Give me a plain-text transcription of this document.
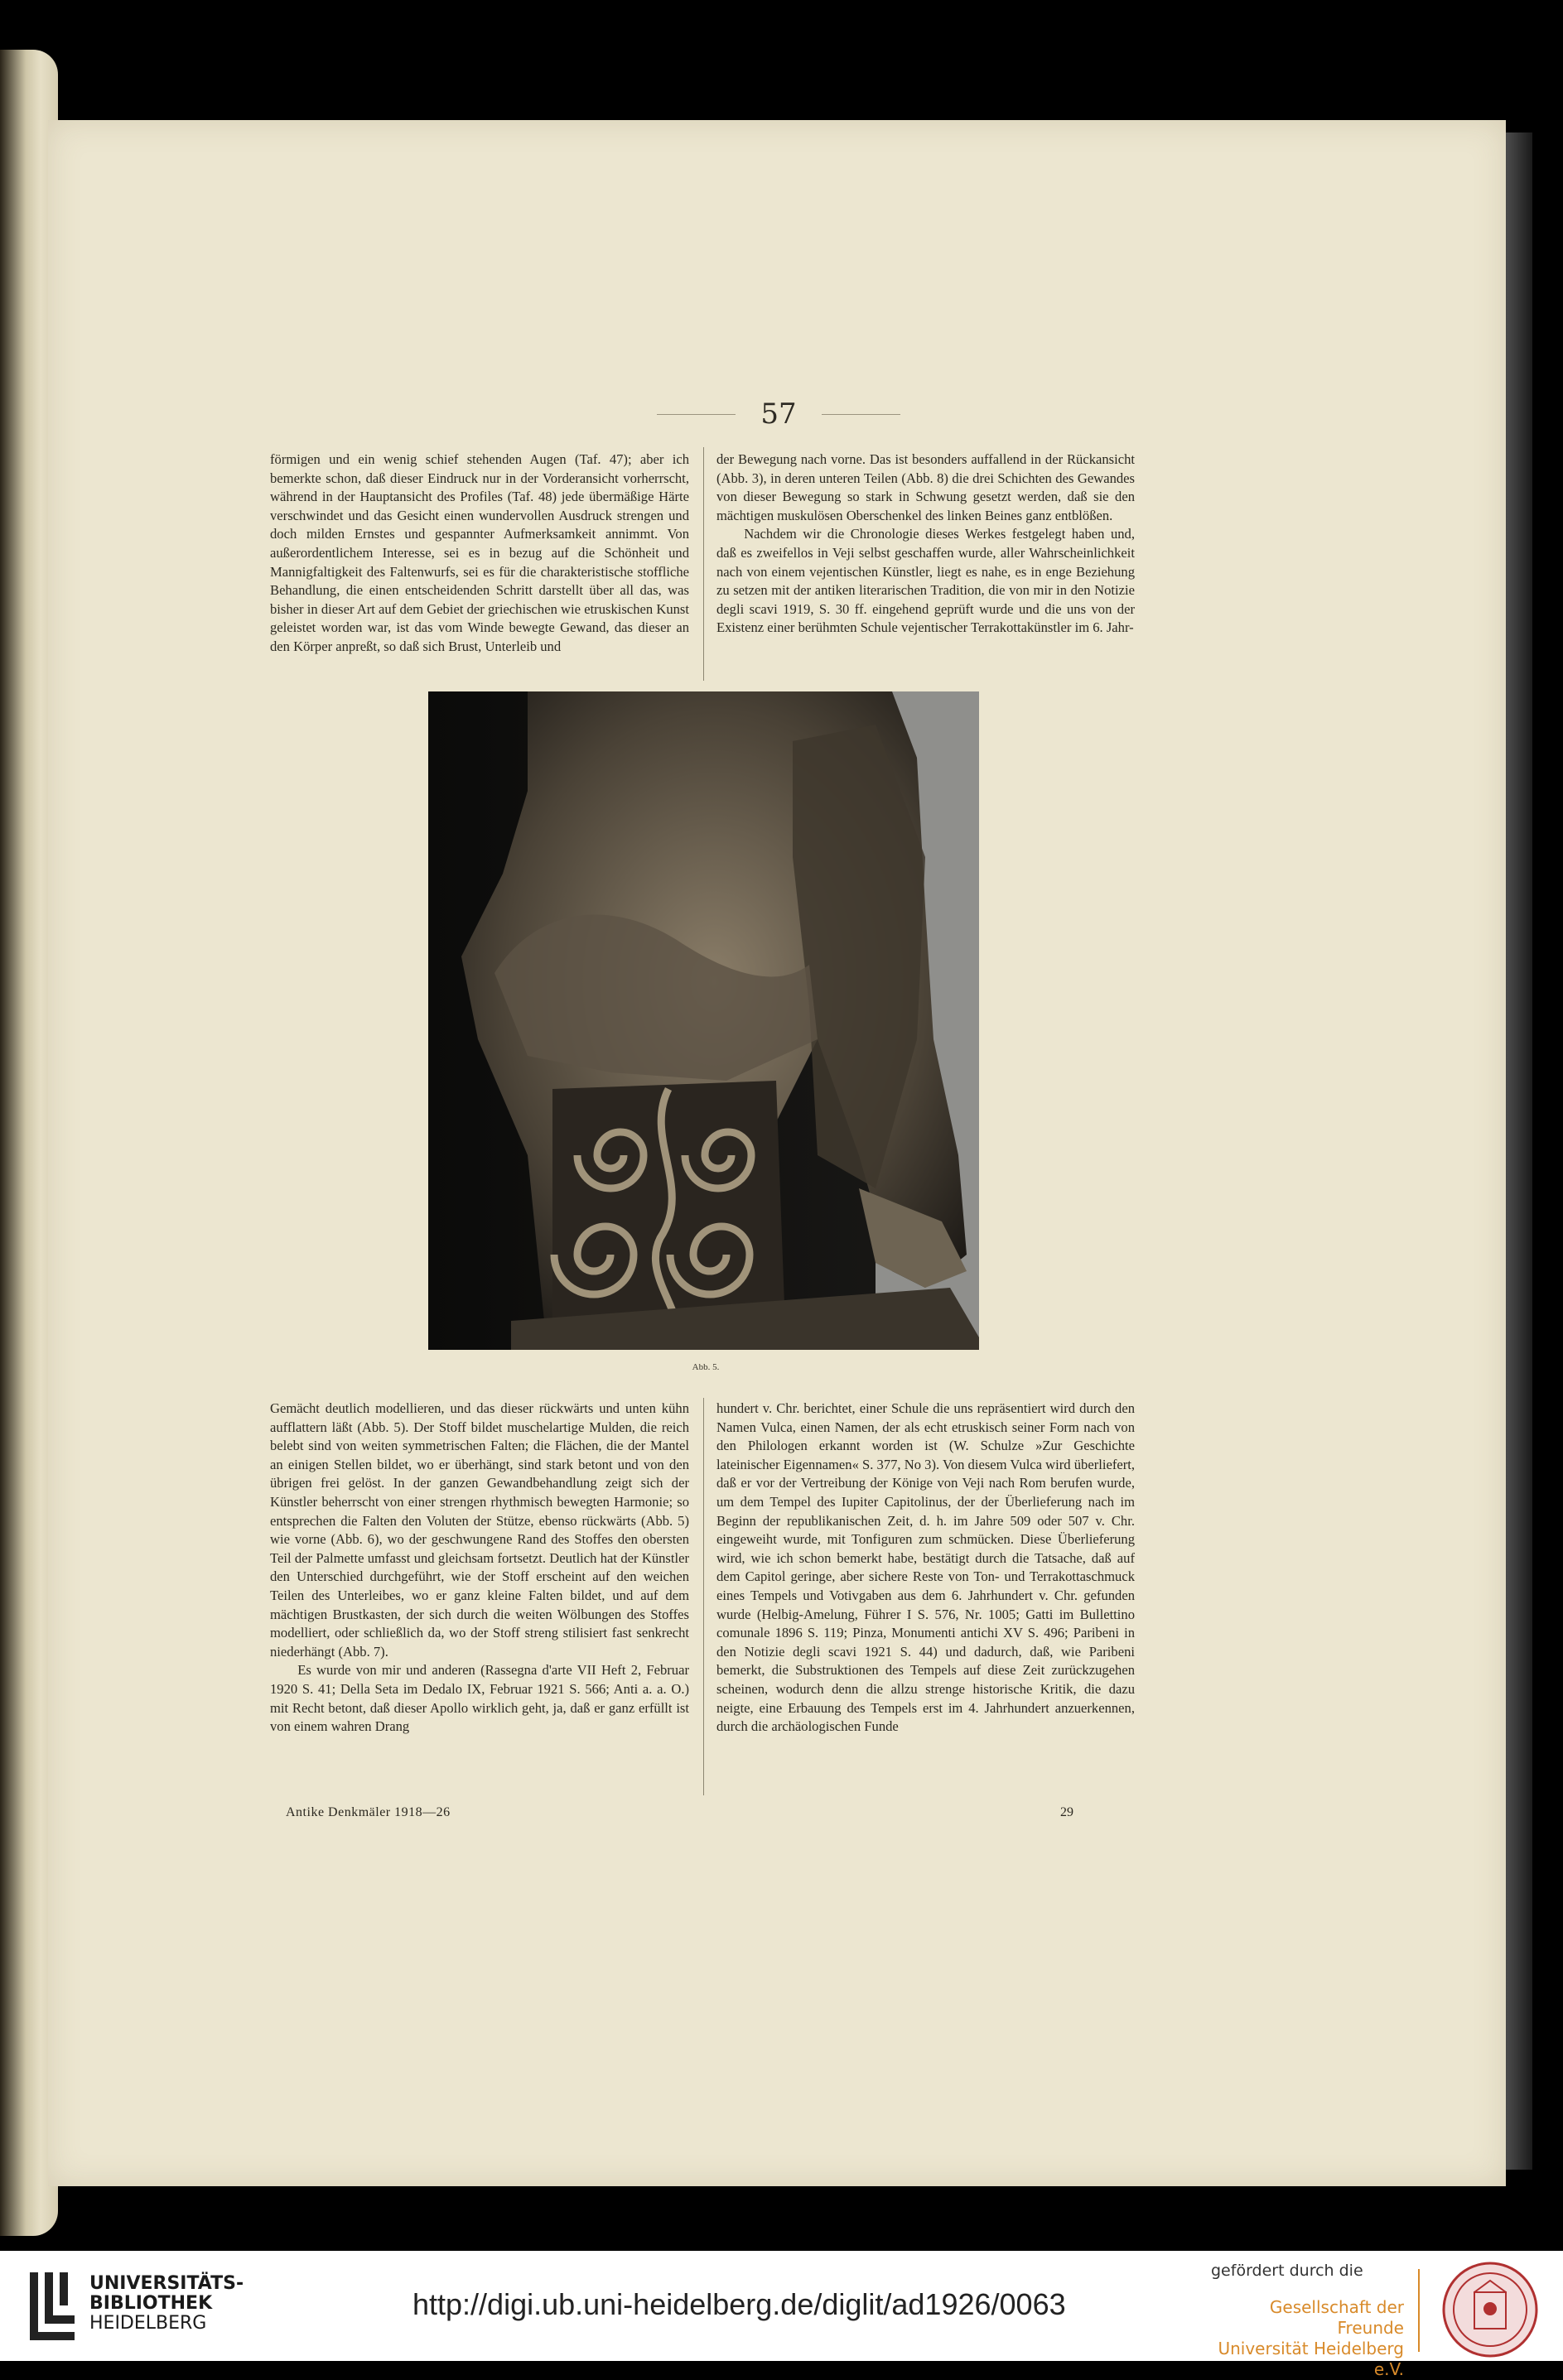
57

förmigen und ein wenig schief stehenden Augen (Taf. 47); aber ich bemerkte schon, daß dieser Eindruck nur in der Vorderansicht vorherrscht, während in der Hauptansicht des Profiles (Taf. 48) jede übermäßige Härte verschwindet und das Gesicht einen wundervollen Ausdruck strengen und doch milden Ernstes und gespannter Aufmerksamkeit annimmt. Von außerordentlichem Interesse, sei es in bezug auf die Schönheit und Mannigfaltigkeit des Faltenwurfs, sei es für die charakteristische stoffliche Behandlung, die einen entscheidenden Schritt darstellt über all das, was bisher in dieser Art auf dem Gebiet der griechischen wie etruskischen Kunst geleistet worden war, ist das vom Winde bewegte Gewand, das dieser an den Körper anpreßt, so daß sich Brust, Unterleib und

der Bewegung nach vorne. Das ist besonders auffallend in der Rückansicht (Abb. 3), in deren unteren Teilen (Abb. 8) die drei Schichten des Gewandes von dieser Bewegung so stark in Schwung gesetzt werden, daß sie den mächtigen muskulösen Oberschenkel des linken Beines ganz entblößen.

Nachdem wir die Chronologie dieses Werkes festgelegt haben und, daß es zweifellos in Veji selbst geschaffen wurde, aller Wahrscheinlichkeit nach von einem vejentischen Künstler, liegt es nahe, es in enge Beziehung zu setzen mit der antiken literarischen Tradition, die von mir in den Notizie degli scavi 1919, S. 30 ff. eingehend geprüft wurde und die uns von der Existenz einer berühmten Schule vejentischer Terrakottakünstler im 6. Jahr-

Abb. 5.

Gemächt deutlich modellieren, und das dieser rückwärts und unten kühn aufflattern läßt (Abb. 5). Der Stoff bildet muschelartige Mulden, die reich belebt sind von weiten symmetrischen Falten; die Flächen, die der Mantel an einigen Stellen bildet, wo er überhängt, sind stark betont und von den übrigen frei gelöst. In der ganzen Gewandbehandlung zeigt sich der Künstler beherrscht von einer strengen rhythmisch bewegten Harmonie; so entsprechen die Falten den Voluten der Stütze, ebenso rückwärts (Abb. 5) wie vorne (Abb. 6), wo der geschwungene Rand des Stoffes den obersten Teil der Palmette umfasst und gleichsam fortsetzt. Deutlich hat der Künstler den Unterschied durchgeführt, wie der Stoff erscheint auf den weichen Teilen des Unterleibes, wo er ganz kleine Falten bildet, und auf dem mächtigen Brustkasten, der sich durch die weiten Wölbungen des Stoffes modelliert, oder schließlich da, wo der Stoff streng stilisiert fast senkrecht niederhängt (Abb. 7).

Es wurde von mir und anderen (Rassegna d'arte VII Heft 2, Februar 1920 S. 41; Della Seta im Dedalo IX, Februar 1921 S. 566; Anti a. a. O.) mit Recht betont, daß dieser Apollo wirklich geht, ja, daß er ganz erfüllt ist von einem wahren Drang

hundert v. Chr. berichtet, einer Schule die uns repräsentiert wird durch den Namen Vulca, einen Namen, der als echt etruskisch seiner Form nach von den Philologen erkannt worden ist (W. Schulze »Zur Geschichte lateinischer Eigennamen« S. 377, No 3). Von diesem Vulca wird überliefert, daß er vor der Vertreibung der Könige von Veji nach Rom berufen wurde, um dem Tempel des Iupiter Capitolinus, der der Überlieferung nach im Beginn der republikanischen Zeit, d. h. im Jahre 509 oder 507 v. Chr. eingeweiht wurde, mit Tonfiguren zum schmücken. Diese Überlieferung wird, wie ich schon bemerkt habe, bestätigt durch die Tatsache, daß auf dem Capitol geringe, aber sichere Reste von Ton- und Terrakottaschmuck eines Tempels und Votivgaben aus dem 6. Jahrhundert v. Chr. gefunden wurde (Helbig-Amelung, Führer I S. 576, Nr. 1005; Gatti im Bullettino comunale 1896 S. 119; Pinza, Monumenti antichi XV S. 496; Paribeni in den Notizie degli scavi 1921 S. 44) und dadurch, daß, wie Paribeni bemerkt, die Substruktionen des Tempels auf diese Zeit zurückzugehen scheinen, wodurch denn die allzu strenge historische Kritik, die dazu neigte, eine Erbauung des Tempels erst im 4. Jahrhundert anzuerkennen, durch die archäologischen Funde

Antike Denkmäler 1918—26	29
UNIVERSITÄTS-
BIBLIOTHEK
HEIDELBERG
http://digi.ub.uni-heidelberg.de/diglit/ad1926/0063
gefördert durch die
Gesellschaft der Freunde
Universität Heidelberg e.V.
